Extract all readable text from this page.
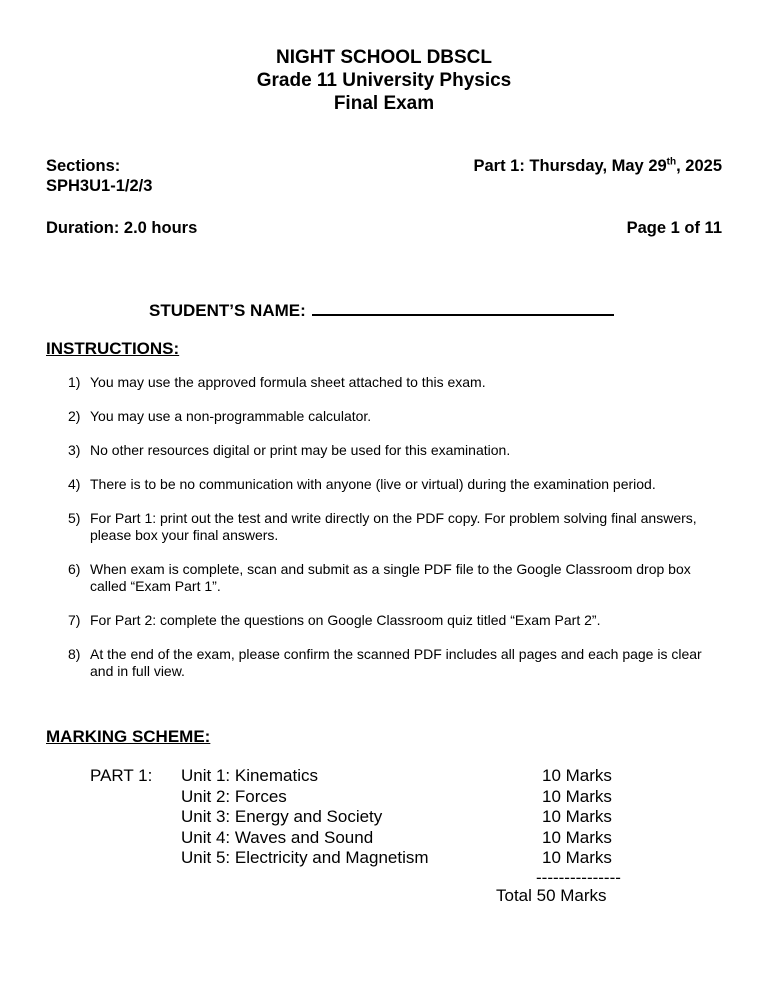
NIGHT SCHOOL DBSCL
Grade 11 University Physics
Final Exam
Sections:
SPH3U1-1/2/3
Part 1: Thursday, May 29th, 2025
Duration: 2.0 hours	Page 1 of 11
STUDENT’S NAME:
INSTRUCTIONS:
1) You may use the approved formula sheet attached to this exam.
2) You may use a non-programmable calculator.
3) No other resources digital or print may be used for this examination.
4) There is to be no communication with anyone (live or virtual) during the examination period.
5) For Part 1: print out the test and write directly on the PDF copy. For problem solving final answers, please box your final answers.
6) When exam is complete, scan and submit as a single PDF file to the Google Classroom drop box called “Exam Part 1”.
7) For Part 2: complete the questions on Google Classroom quiz titled “Exam Part 2”.
8) At the end of the exam, please confirm the scanned PDF includes all pages and each page is clear and in full view.
MARKING SCHEME:
PART 1: Unit 1: Kinematics	10 Marks
Unit 2: Forces	10 Marks
Unit 3: Energy and Society	10 Marks
Unit 4: Waves and Sound	10 Marks
Unit 5: Electricity and Magnetism	10 Marks
---------------
Total 50 Marks
